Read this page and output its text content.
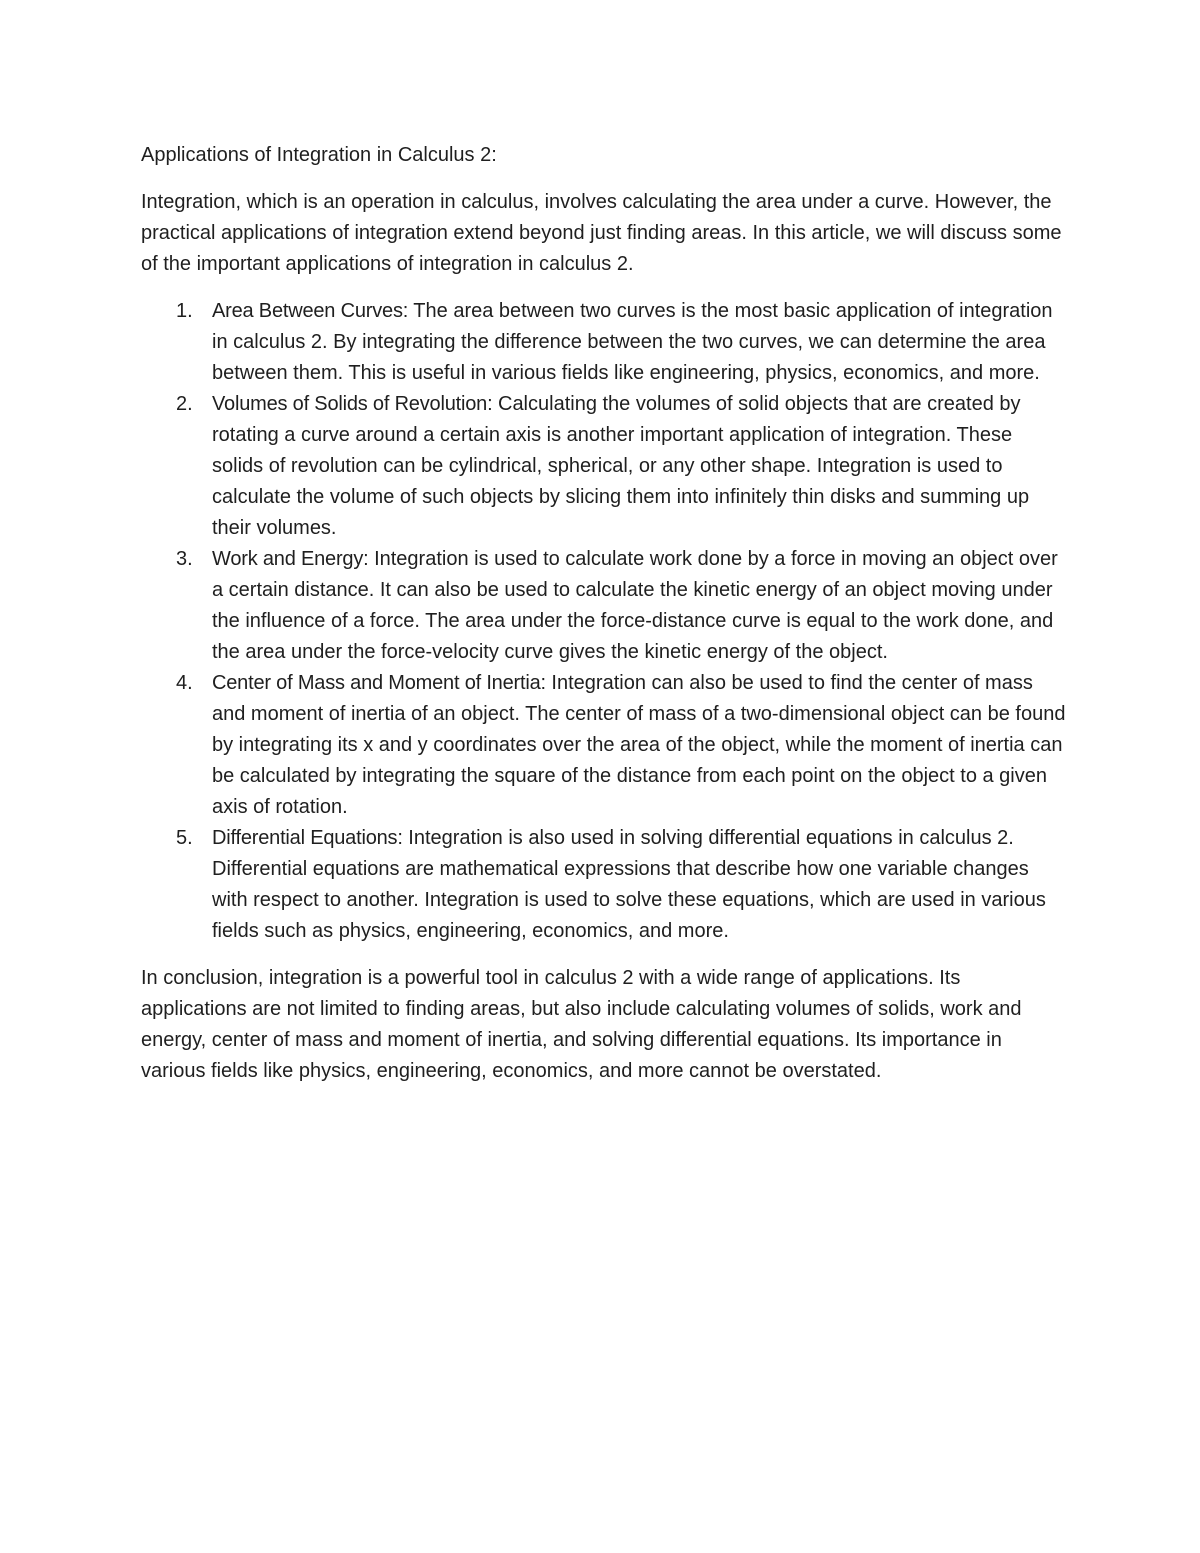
Applications of Integration in Calculus 2:

Integration, which is an operation in calculus, involves calculating the area under a curve. However, the practical applications of integration extend beyond just finding areas. In this article, we will discuss some of the important applications of integration in calculus 2.

1. Area Between Curves: The area between two curves is the most basic application of integration in calculus 2. By integrating the difference between the two curves, we can determine the area between them. This is useful in various fields like engineering, physics, economics, and more.
2. Volumes of Solids of Revolution: Calculating the volumes of solid objects that are created by rotating a curve around a certain axis is another important application of integration. These solids of revolution can be cylindrical, spherical, or any other shape. Integration is used to calculate the volume of such objects by slicing them into infinitely thin disks and summing up their volumes.
3. Work and Energy: Integration is used to calculate work done by a force in moving an object over a certain distance. It can also be used to calculate the kinetic energy of an object moving under the influence of a force. The area under the force-distance curve is equal to the work done, and the area under the force-velocity curve gives the kinetic energy of the object.
4. Center of Mass and Moment of Inertia: Integration can also be used to find the center of mass and moment of inertia of an object. The center of mass of a two-dimensional object can be found by integrating its x and y coordinates over the area of the object, while the moment of inertia can be calculated by integrating the square of the distance from each point on the object to a given axis of rotation.
5. Differential Equations: Integration is also used in solving differential equations in calculus 2. Differential equations are mathematical expressions that describe how one variable changes with respect to another. Integration is used to solve these equations, which are used in various fields such as physics, engineering, economics, and more.

In conclusion, integration is a powerful tool in calculus 2 with a wide range of applications. Its applications are not limited to finding areas, but also include calculating volumes of solids, work and energy, center of mass and moment of inertia, and solving differential equations. Its importance in various fields like physics, engineering, economics, and more cannot be overstated.
